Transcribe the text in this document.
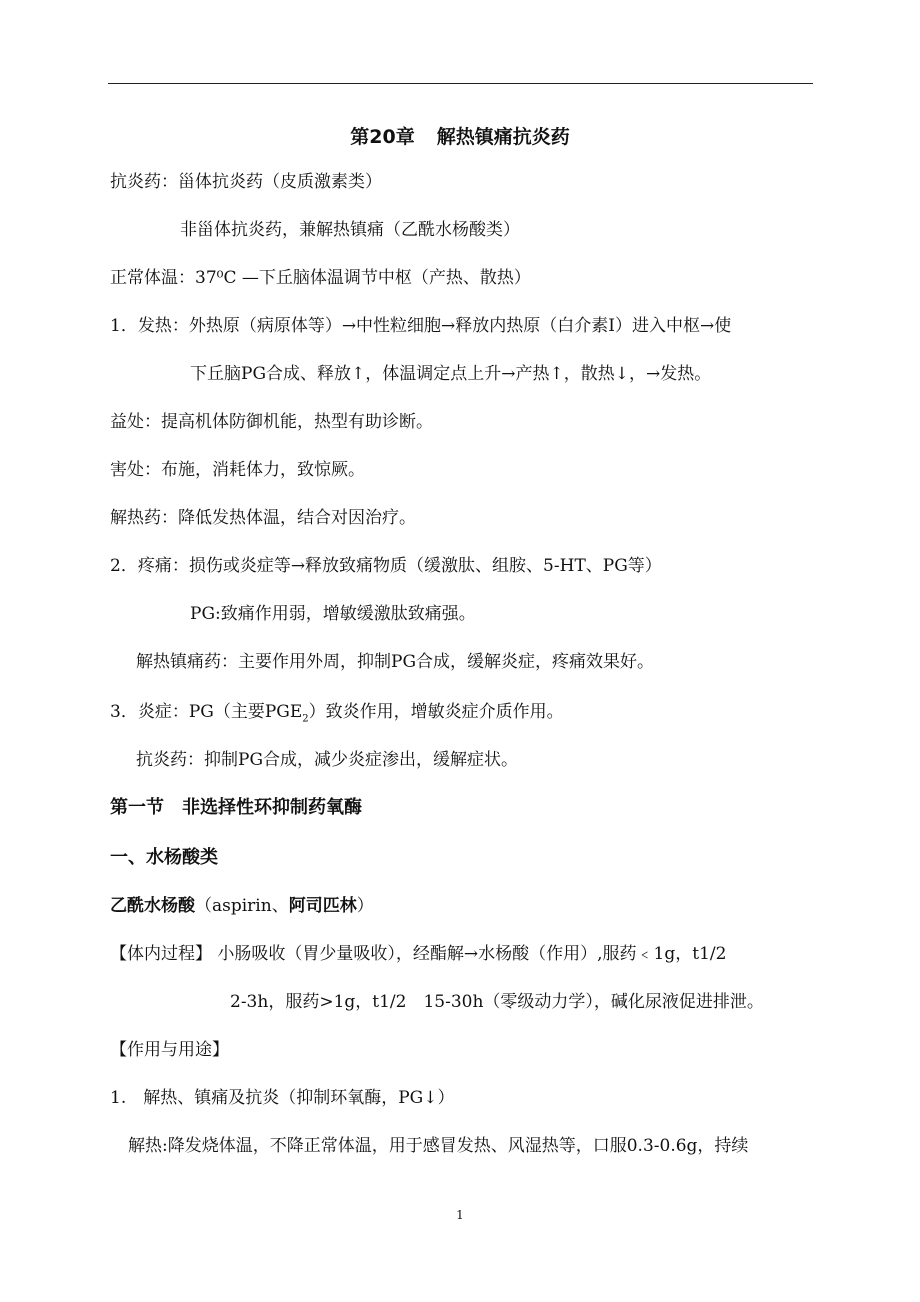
第20章 解热镇痛抗炎药
抗炎药：甾体抗炎药（皮质激素类）
非甾体抗炎药，兼解热镇痛（乙酰水杨酸类）
正常体温：37⁰C —下丘脑体温调节中枢（产热、散热）
1．发热：外热原（病原体等）→中性粒细胞→释放内热原（白介素Ⅰ）进入中枢→使
下丘脑PG合成、释放↑，体温调定点上升→产热↑，散热↓，→发热。
益处：提高机体防御机能，热型有助诊断。
害处：布施，消耗体力，致惊厥。
解热药：降低发热体温，结合对因治疗。
2．疼痛：损伤或炎症等→释放致痛物质（缓激肽、组胺、5-HT、PG等）
PG:致痛作用弱，增敏缓激肽致痛强。
解热镇痛药：主要作用外周，抑制PG合成，缓解炎症，疼痛效果好。
3．炎症：PG（主要$PGE_2$）致炎作用，增敏炎症介质作用。
抗炎药：抑制PG合成，减少炎症渗出，缓解症状。
第一节　非选择性环抑制药氧酶
一、水杨酸类
乙酰水杨酸（aspirin、阿司匹林）
【体内过程】 小肠吸收（胃少量吸收），经酯解→水杨酸（作用）,服药﹤1g，t1/2
2-3h，服药>1g，t1/2　15-30h（零级动力学），碱化尿液促进排泄。
【作用与用途】
1.　解热、镇痛及抗炎（抑制环氧酶，PG↓）
解热:降发烧体温，不降正常体温，用于感冒发热、风湿热等，口服0.3-0.6g，持续
1
